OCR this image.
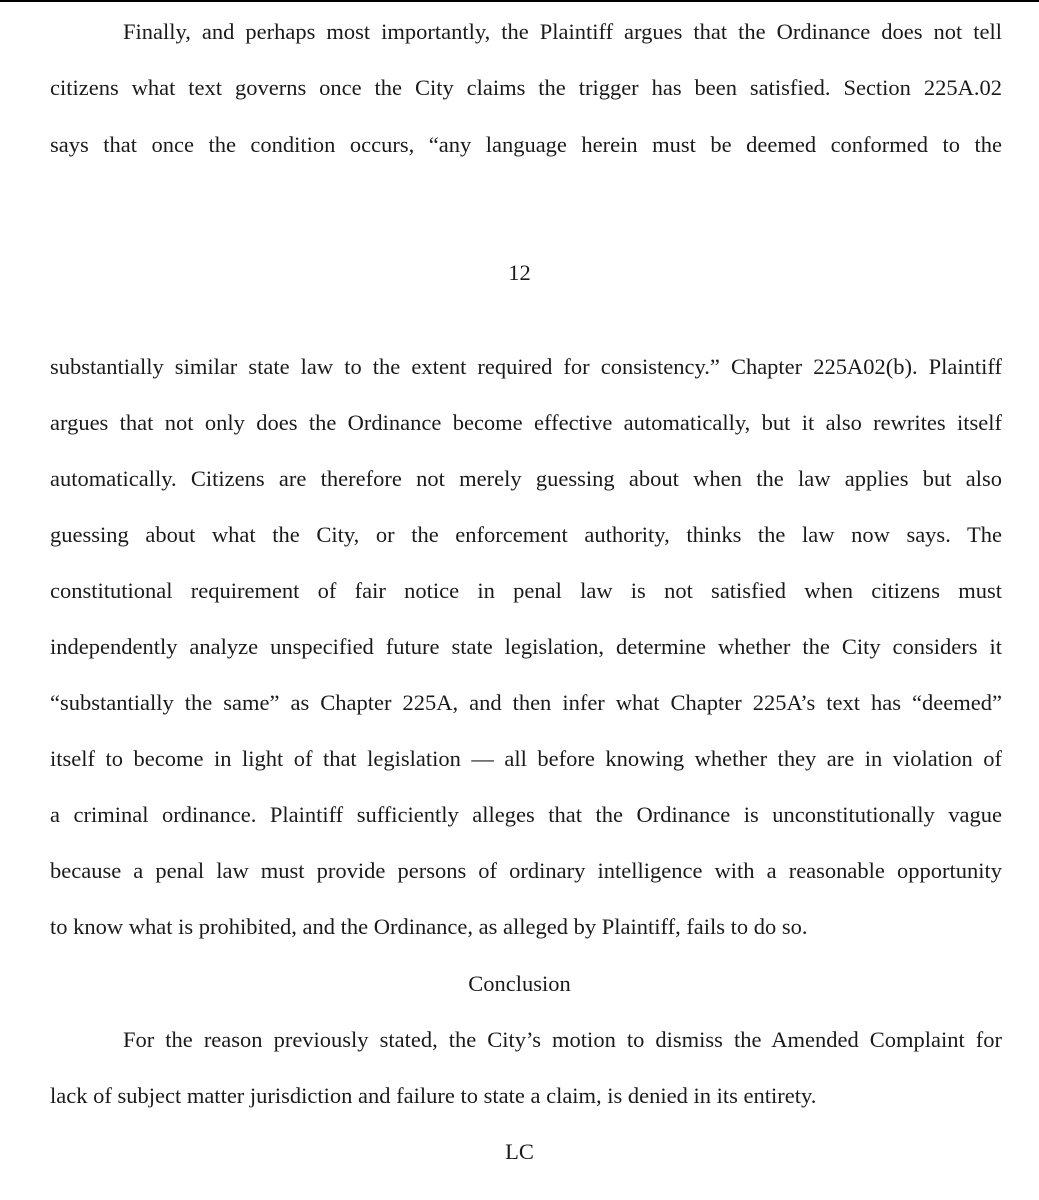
Finally, and perhaps most importantly, the Plaintiff argues that the Ordinance does not tell
citizens what text governs once the City claims the trigger has been satisfied. Section 225A.02
says that once the condition occurs, “any language herein must be deemed conformed to the
12
substantially similar state law to the extent required for consistency.” Chapter 225A02(b). Plaintiff
argues that not only does the Ordinance become effective automatically, but it also rewrites itself
automatically. Citizens are therefore not merely guessing about when the law applies but also
guessing about what the City, or the enforcement authority, thinks the law now says. The
constitutional requirement of fair notice in penal law is not satisfied when citizens must
independently analyze unspecified future state legislation, determine whether the City considers it
“substantially the same” as Chapter 225A, and then infer what Chapter 225A’s text has “deemed”
itself to become in light of that legislation — all before knowing whether they are in violation of
a criminal ordinance. Plaintiff sufficiently alleges that the Ordinance is unconstitutionally vague
because a penal law must provide persons of ordinary intelligence with a reasonable opportunity
to know what is prohibited, and the Ordinance, as alleged by Plaintiff, fails to do so.
Conclusion
For the reason previously stated, the City’s motion to dismiss the Amended Complaint for
lack of subject matter jurisdiction and failure to state a claim, is denied in its entirety.
LC
